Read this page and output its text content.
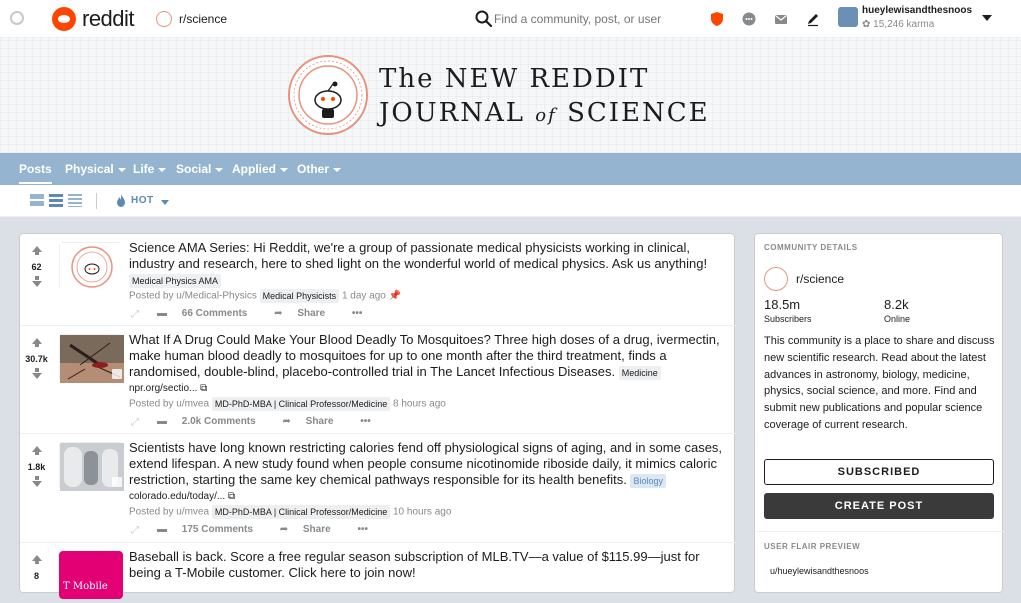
reddit	r/science
Find a community, post, or user
hueylewisandthesnoos
✿ 15,246 karma
The NEW REDDIT
JOURNAL of SCIENCE
Posts Physical	Life	Social	Applied	Other
HOT
62
Science AMA Series: Hi Reddit, we're a group of passionate medical physicists working in clinical, industry and research, here to shed light on the wonderful world of medical physics. Ask us anything! Medical Physics AMA
Posted by u/Medical-Physics Medical Physicists 1 day ago 📌
⤢ ▬ 66 Comments	➦ Share	•••
30.7k
What If A Drug Could Make Your Blood Deadly To Mosquitoes? Three high doses of a drug, ivermectin, make human blood deadly to mosquitoes for up to one month after the third treatment, finds a randomised, double-blind, placebo-controlled trial in The Lancet Infectious Diseases. Medicine
npr.org/sectio... ⧉
Posted by u/mvea MD-PhD-MBA | Clinical Professor/Medicine 8 hours ago
⤢ ▬ 2.0k Comments	➦ Share	•••
1.8k
Scientists have long known restricting calories fend off physiological signs of aging, and in some cases, extend lifespan. A new study found when people consume nicotinomide riboside daily, it mimics caloric restriction, starting the same key chemical pathways responsible for its health benefits. Biology
colorado.edu/today/... ⧉
Posted by u/mvea MD-PhD-MBA | Clinical Professor/Medicine 10 hours ago
⤢ ▬ 175 Comments	➦ Share	•••
8
T Mobile
Baseball is back. Score a free regular season subscription of MLB.TV—a value of $115.99—just for being a T-Mobile customer. Click here to join now!
COMMUNITY DETAILS
r/science
18.5m
Subscribers
8.2k
Online
This community is a place to share and discuss new scientific research. Read about the latest advances in astronomy, biology, medicine, physics, social science, and more. Find and submit new publications and popular science coverage of current research.
SUBSCRIBED
CREATE POST
USER FLAIR PREVIEW
u/hueylewisandthesnoos
